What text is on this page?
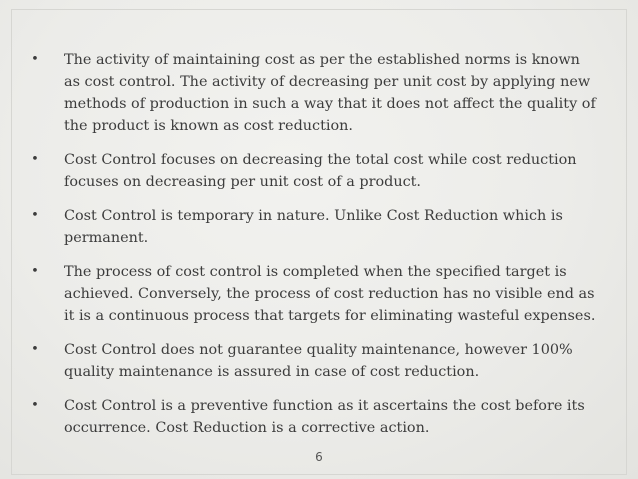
• The activity of maintaining cost as per the established norms is known as cost control. The activity of decreasing per unit cost by applying new methods of production in such a way that it does not affect the quality of the product is known as cost reduction.
• Cost Control focuses on decreasing the total cost while cost reduction focuses on decreasing per unit cost of a product.
• Cost Control is temporary in nature. Unlike Cost Reduction which is permanent.
• The process of cost control is completed when the specified target is achieved. Conversely, the process of cost reduction has no visible end as it is a continuous process that targets for eliminating wasteful expenses.
• Cost Control does not guarantee quality maintenance, however 100% quality maintenance is assured in case of cost reduction.
• Cost Control is a preventive function as it ascertains the cost before its occurrence. Cost Reduction is a corrective action.
6
